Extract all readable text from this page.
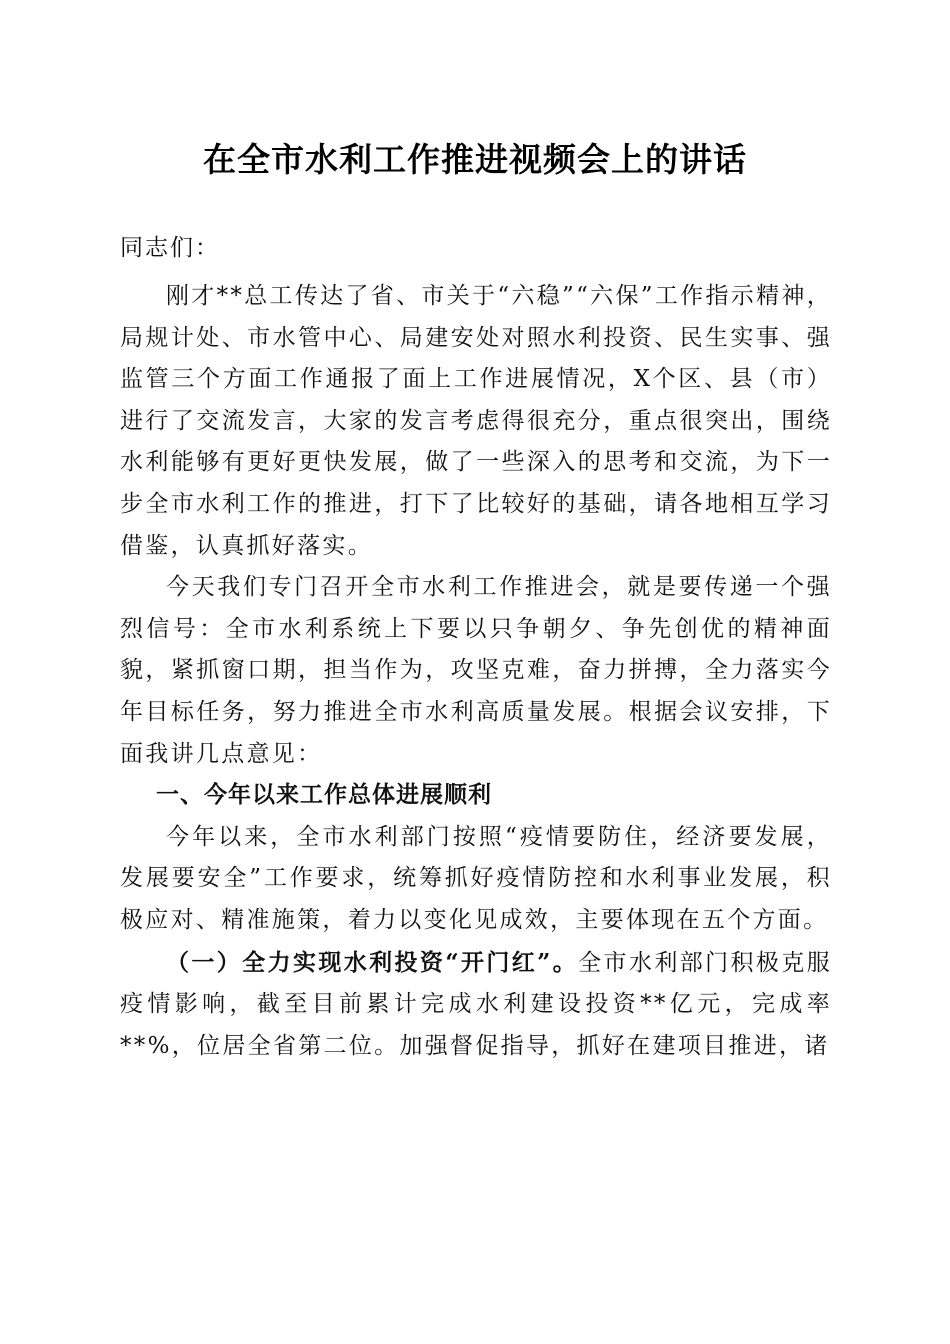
在全市水利工作推进视频会上的讲话

同志们：

刚才**总工传达了省、市关于“六稳”“六保”工作指示精神，局规计处、市水管中心、局建安处对照水利投资、民生实事、强监管三个方面工作通报了面上工作进展情况，X个区、县（市）进行了交流发言，大家的发言考虑得很充分，重点很突出，围绕水利能够有更好更快发展，做了一些深入的思考和交流，为下一步全市水利工作的推进，打下了比较好的基础，请各地相互学习借鉴，认真抓好落实。

今天我们专门召开全市水利工作推进会，就是要传递一个强烈信号：全市水利系统上下要以只争朝夕、争先创优的精神面貌，紧抓窗口期，担当作为，攻坚克难，奋力拼搏，全力落实今年目标任务，努力推进全市水利高质量发展。根据会议安排，下面我讲几点意见：

一、今年以来工作总体进展顺利

今年以来，全市水利部门按照“疫情要防住，经济要发展，发展要安全”工作要求，统筹抓好疫情防控和水利事业发展，积极应对、精准施策，着力以变化见成效，主要体现在五个方面。

（一）全力实现水利投资“开门红”。全市水利部门积极克服疫情影响，截至目前累计完成水利建设投资**亿元，完成率**%，位居全省第二位。加强督促指导，抓好在建项目推进，诸
